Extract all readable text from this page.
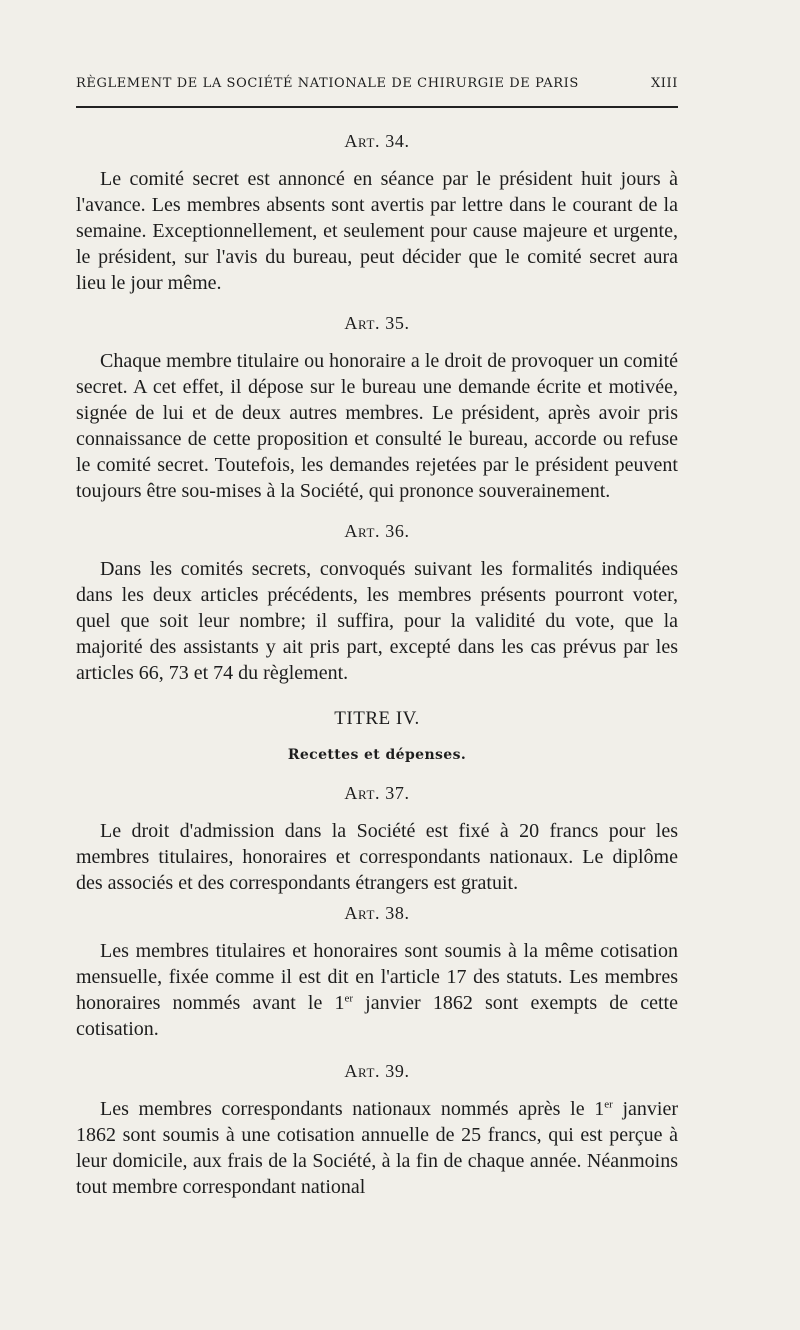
RÈGLEMENT DE LA SOCIÉTÉ NATIONALE DE CHIRURGIE DE PARIS	XIII
Art. 34.

Le comité secret est annoncé en séance par le président huit jours à l'avance. Les membres absents sont avertis par lettre dans le courant de la semaine. Exceptionnellement, et seulement pour cause majeure et urgente, le président, sur l'avis du bureau, peut décider que le comité secret aura lieu le jour même.

Art. 35.

Chaque membre titulaire ou honoraire a le droit de provoquer un comité secret. A cet effet, il dépose sur le bureau une demande écrite et motivée, signée de lui et de deux autres membres. Le président, après avoir pris connaissance de cette proposition et consulté le bureau, accorde ou refuse le comité secret. Toutefois, les demandes rejetées par le président peuvent toujours être sou-mises à la Société, qui prononce souverainement.

Art. 36.

Dans les comités secrets, convoqués suivant les formalités indiquées dans les deux articles précédents, les membres présents pourront voter, quel que soit leur nombre; il suffira, pour la validité du vote, que la majorité des assistants y ait pris part, excepté dans les cas prévus par les articles 66, 73 et 74 du règlement.

TITRE IV.
Recettes et dépenses.
Art. 37.

Le droit d'admission dans la Société est fixé à 20 francs pour les membres titulaires, honoraires et correspondants nationaux. Le diplôme des associés et des correspondants étrangers est gratuit.

Art. 38.

Les membres titulaires et honoraires sont soumis à la même cotisation mensuelle, fixée comme il est dit en l'article 17 des statuts. Les membres honoraires nommés avant le 1er janvier 1862 sont exempts de cette cotisation.

Art. 39.

Les membres correspondants nationaux nommés après le 1er janvier 1862 sont soumis à une cotisation annuelle de 25 francs, qui est perçue à leur domicile, aux frais de la Société, à la fin de chaque année. Néanmoins tout membre correspondant national
